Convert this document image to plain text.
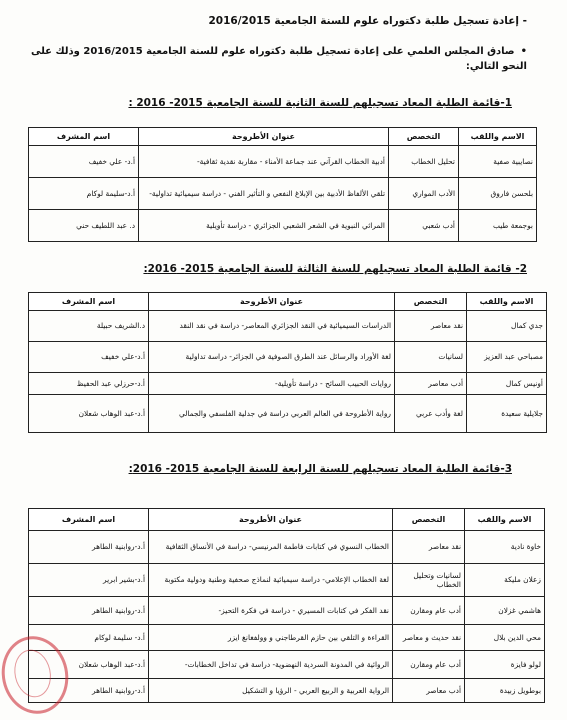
- إعادة تسجيل طلبة دكتوراه علوم للسنة الجامعية 2016/2015
•صادق المجلس العلمي على إعادة تسجيل طلبة دكتوراه علوم للسنة الجامعية 2016/2015 وذلك على النحو التالي:
1-قائمة الطلبة المعاد تسجيلهم للسنة الثانية للسنة الجامعية 2015- 2016 :
الاسم واللقب	التخصص	عنوان الأطروحة	اسم المشرف
نصايبية صفية	تحليل الخطاب	أدبية الخطاب القرآني عند جماعة الأمناء - مقاربة نقدية ثقافية-	أ.د- علي خفيف
بلحسن فاروق	الأدب المواري	تلقي الألفاظ الأدبية بين الإبلاغ النفعي و التأثير الفني - دراسة سيميائية تداولية-	أ.د-سليمة لوكام
بوجمعة طيب	أدب شعبي	المراثي النبوية في الشعر الشعبي الجزائري - دراسة تأويلية	د. عبد اللطيف حني
2- قائمة الطلبة المعاد تسجيلهم للسنة الثالثة للسنة الجامعية 2015- 2016:
الاسم واللقب	التخصص	عنوان الأطروحة	اسم المشرف
جدي كمال	نقد معاصر	الدراسات السيميائية في النقد الجزائري المعاصر- دراسة في نقد النقد	د.الشريف حبيلة
مصباحي عبد العزيز	لسانيات	لغة الأوراد والرسائل عند الطرق الصوفية في الجزائر- دراسة تداولية	أ.د-علي خفيف
أونيس كمال	أدب معاصر	روايات الحبيب السائح - دراسة تأويلية-	أ.د-حرزلي عبد الحفيظ
جلايلية سعيدة	لغة وأدب عربي	رواية الأطروحة في العالم العربي دراسة في جدلية الفلسفي والجمالي	أ.د-عبد الوهاب شعلان
3-قائمة الطلبة المعاد تسجيلهم للسنة الرابعة للسنة الجامعية 2015- 2016:
الاسم واللقب	التخصص	عنوان الأطروحة	اسم المشرف
خاوة نادية	نقد معاصر	الخطاب النسوي في كتابات فاطمة المرنيسي- دراسة في الأنساق الثقافية	أ.د-روابنية الطاهر
زعلان مليكة	لسانيات وتحليل الخطاب	لغة الخطاب الإعلامي- دراسة سيميائية لنماذج صحفية وطنية ودولية مكتوبة	أ.د-بشير ابرير
هاشمي غزلان	أدب عام ومقارن	نقد الفكر في كتابات المسيري - دراسة في فكرة التحيز-	أ.د-روابنية الطاهر
محي الدين بلال	نقد حديث و معاصر	القراءة و التلقي بين حازم القرطاجني و وولفغانغ ايزر	أ.د- سليمة لوكام
لولو فايزة	أدب عام ومقارن	الروائية في المدونة السردية النهضوية- دراسة في تداخل الخطابات-	أ.د-عبد الوهاب شعلان
بوطويل زبيدة	أدب معاصر	الرواية العربية و الربيع العربي - الرؤيا و التشكيل	أ.د-روابنية الطاهر
